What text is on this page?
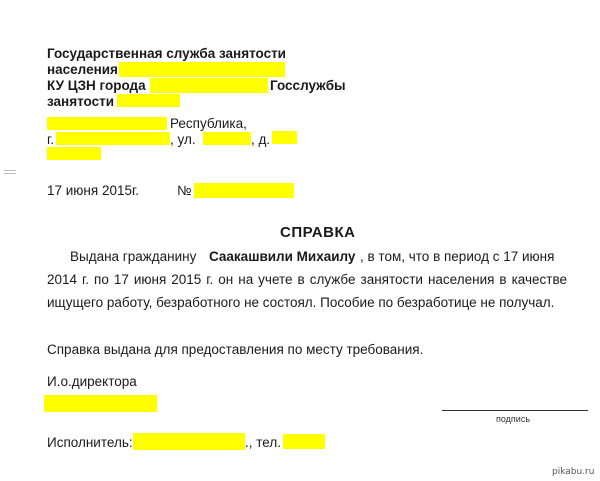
Государственная служба занятости
населения
КУ ЦЗН города	Госслужбы
занятости
Республика,
г.	, ул.	, д.
17 июня 2015г.	№
СПРАВКА
Выдана гражданину Саакашвили Михаилу , в том, что в период с 17 июня
2014 г. по 17 июня 2015 г. он на учете в службе занятости населения в качестве
ищущего работу, безработного не состоял. Пособие по безработице не получал.
Справка выдана для предоставления по месту требования.
И.о.директора
подпись
Исполнитель:	., тел.
pikabu.ru
